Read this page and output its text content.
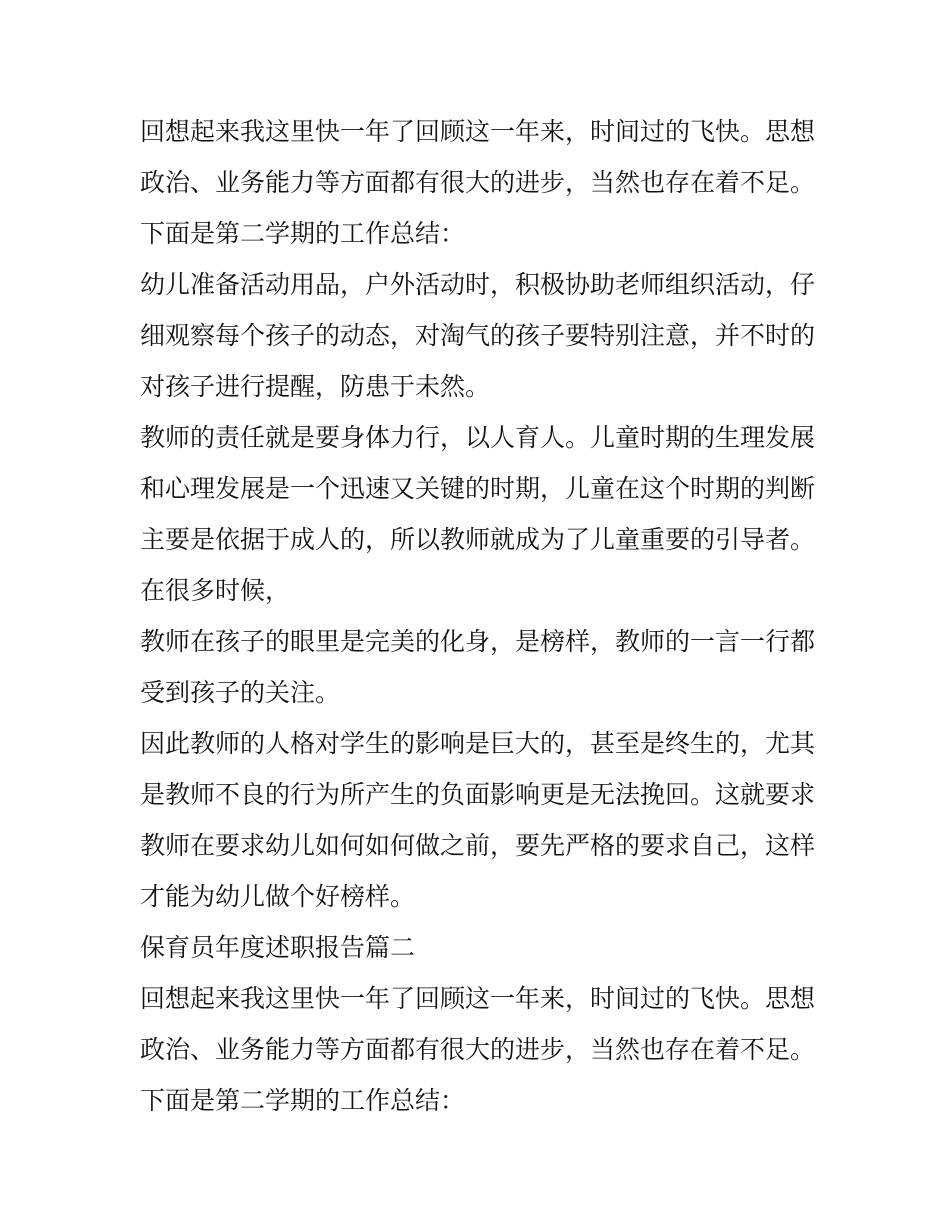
回想起来我这里快一年了回顾这一年来，时间过的飞快。思想
政治、业务能力等方面都有很大的进步，当然也存在着不足。
下面是第二学期的工作总结：
幼儿准备活动用品，户外活动时，积极协助老师组织活动，仔
细观察每个孩子的动态，对淘气的孩子要特别注意，并不时的
对孩子进行提醒，防患于未然。
教师的责任就是要身体力行，以人育人。儿童时期的生理发展
和心理发展是一个迅速又关键的时期，儿童在这个时期的判断
主要是依据于成人的，所以教师就成为了儿童重要的引导者。
在很多时候，
教师在孩子的眼里是完美的化身，是榜样，教师的一言一行都
受到孩子的关注。
因此教师的人格对学生的影响是巨大的，甚至是终生的，尤其
是教师不良的行为所产生的负面影响更是无法挽回。这就要求
教师在要求幼儿如何如何做之前，要先严格的要求自己，这样
才能为幼儿做个好榜样。
保育员年度述职报告篇二
回想起来我这里快一年了回顾这一年来，时间过的飞快。思想
政治、业务能力等方面都有很大的进步，当然也存在着不足。
下面是第二学期的工作总结：
